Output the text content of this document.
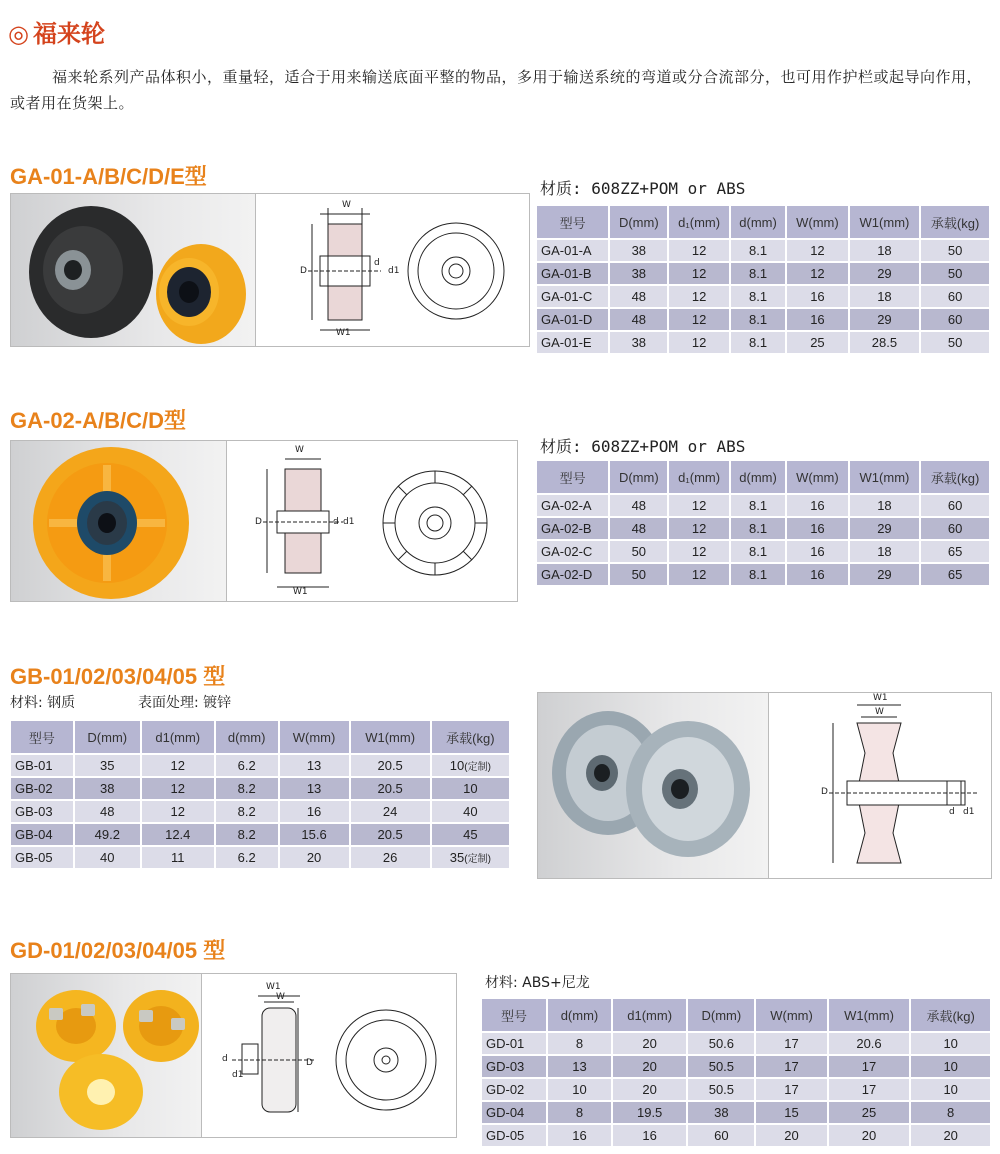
◎ 福来轮
福来轮系列产品体积小，重量轻，适合于用来输送底面平整的物品，多用于输送系统的弯道或分合流部分，也可用作护栏或起导向作用，或者用在货架上。
GA-01-A/B/C/D/E型	材质: 608ZZ+POM or ABS
W
W1
D
d
d1
型号	D(mm)	d₁(mm)	d(mm)	W(mm)	W1(mm)	承载(kg)
GA-01-A	38	12	8.1	12	18	50
GA-01-B	38	12	8.1	12	29	50
GA-01-C	48	12	8.1	16	18	60
GA-01-D	48	12	8.1	16	29	60
GA-01-E	38	12	8.1	25	28.5	50
GA-02-A/B/C/D型
材质: 608ZZ+POM or ABS
W
W1
D	d d1
型号	D(mm)	d₁(mm)	d(mm)	W(mm)	W1(mm)	承载(kg)
GA-02-A	48	12	8.1	16	18	60
GA-02-B	48	12	8.1	16	29	60
GA-02-C	50	12	8.1	16	18	65
GA-02-D	50	12	8.1	16	29	65
GB-01/02/03/04/05 型
材料: 钢质	表面处理: 镀锌
型号	D(mm)	d1(mm)	d(mm)	W(mm)	W1(mm)	承载(kg)
GB-01	35	12	6.2	13	20.5	10(定制)
GB-02	38	12	8.2	13	20.5	10
GB-03	48	12	8.2	16	24	40
GB-04	49.2	12.4	8.2	15.6	20.5	45
GB-05	40	11	6.2	20	26	35(定制)
W1
W
D
d d1
GD-01/02/03/04/05 型
材料: ABS+尼龙
W1
W
D
d
d1
型号	d(mm)	d1(mm)	D(mm)	W(mm)	W1(mm)	承载(kg)
GD-01	8	20	50.6	17	20.6	10
GD-03	13	20	50.5	17	17	10
GD-02	10	20	50.5	17	17	10
GD-04	8	19.5	38	15	25	8
GD-05	16	16	60	20	20	20
